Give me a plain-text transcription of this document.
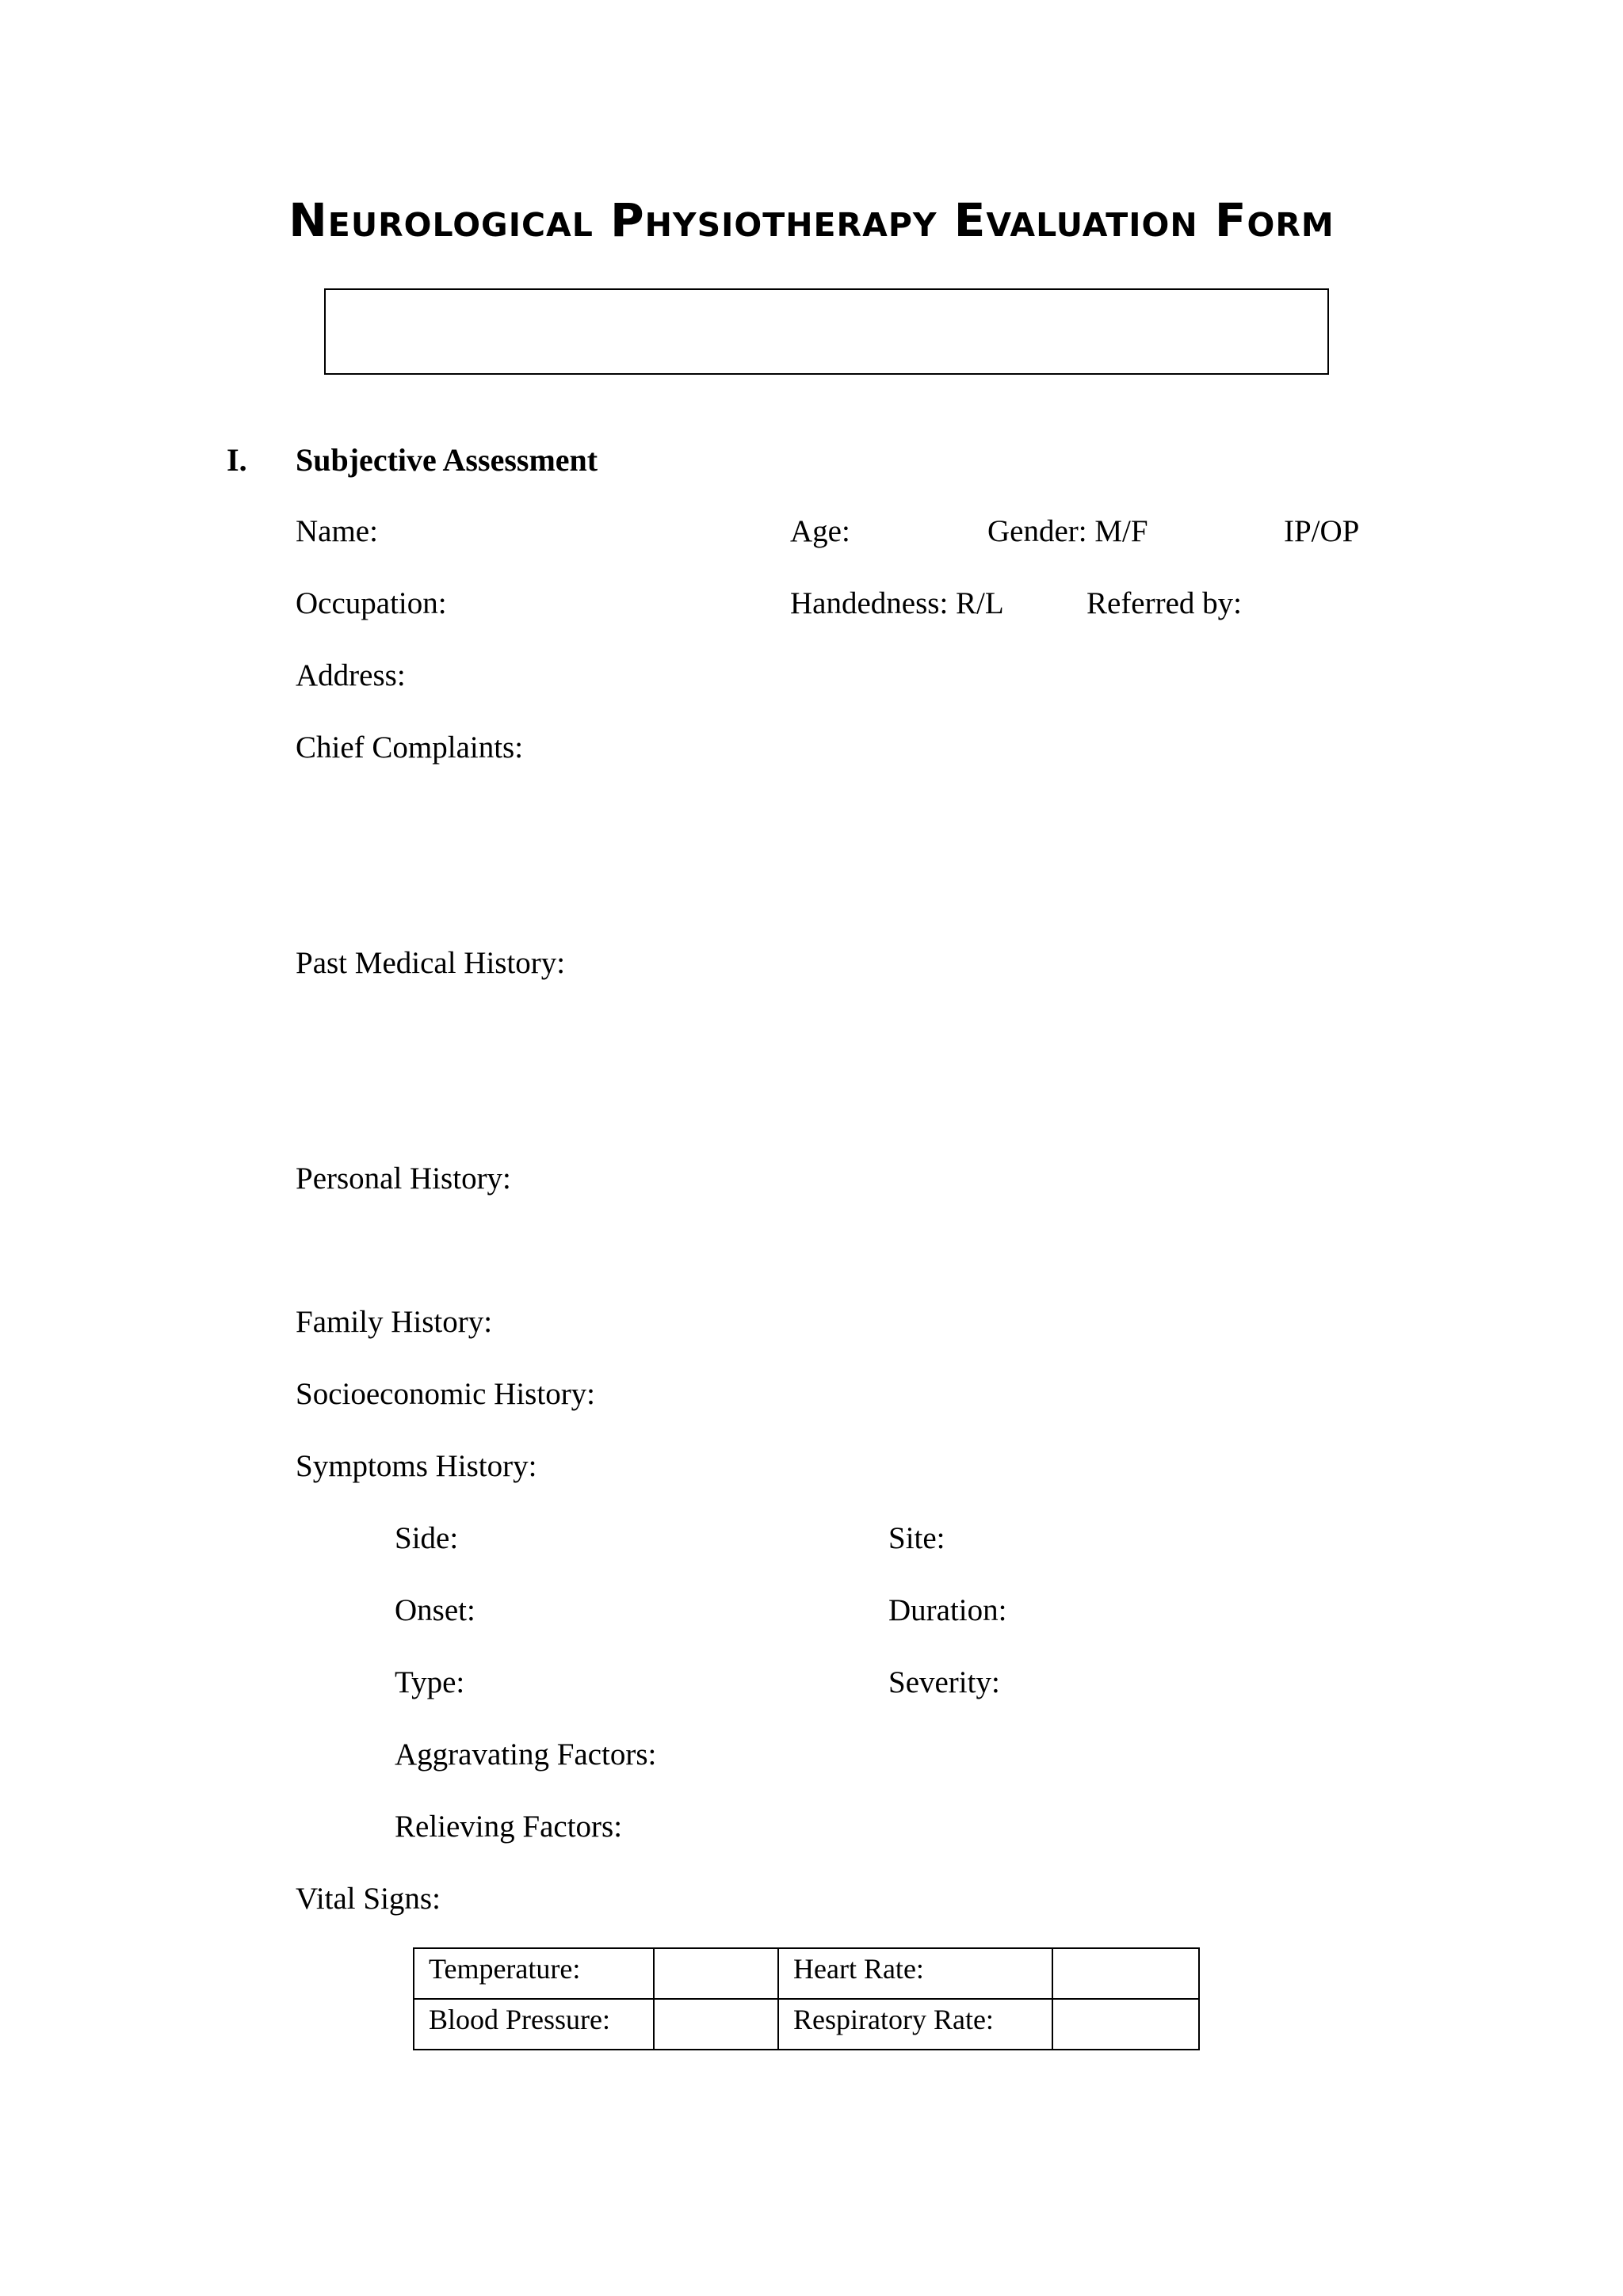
Neurological Physiotherapy Evaluation Form
I. Subjective Assessment
Name:	Age:	Gender: M/F	IP/OP
Occupation:	Handedness: R/L	Referred by:
Address:
Chief Complaints:
Past Medical History:
Personal History:
Family History:
Socioeconomic History:
Symptoms History:
Side:	Site:
Onset:	Duration:
Type:	Severity:
Aggravating Factors:
Relieving Factors:
Vital Signs:
Temperature:		Heart Rate:	
Blood Pressure:		Respiratory Rate:	
